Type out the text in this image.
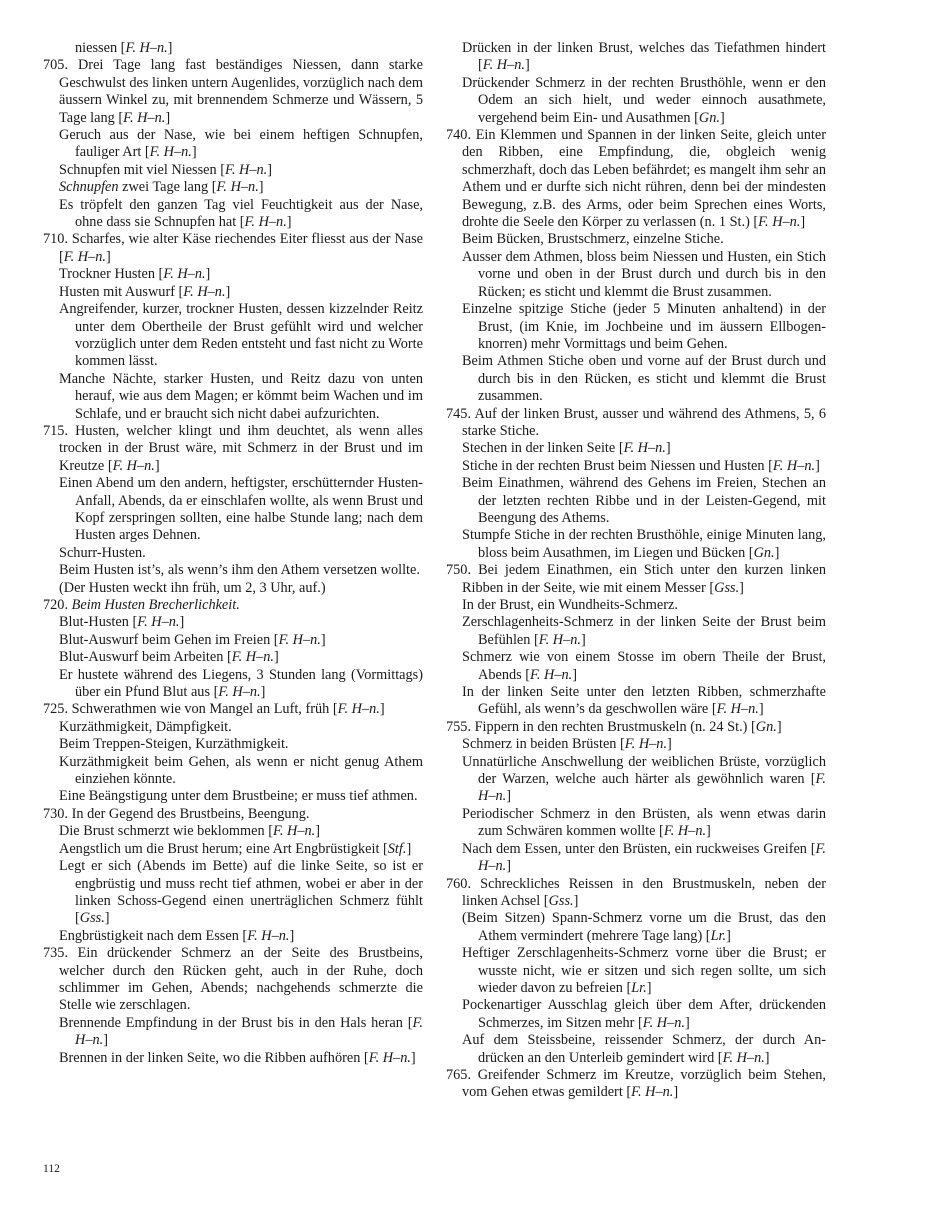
niessen [F. H–n.]

705. Drei Tage lang fast beständiges Niessen, dann starke Geschwulst des linken untern Augenlides, vorzüglich nach dem äussern Winkel zu, mit brennendem Schmerze und Wässern, 5 Tage lang [F. H–n.]

Geruch aus der Nase, wie bei einem heftigen Schnupfen, fauliger Art [F. H–n.]

Schnupfen mit viel Niessen [F. H–n.]

Schnupfen zwei Tage lang [F. H–n.]

Es tröpfelt den ganzen Tag viel Feuchtigkeit aus der Nase, ohne dass sie Schnupfen hat [F. H–n.]

710. Scharfes, wie alter Käse riechendes Eiter fliesst aus der Nase [F. H–n.]

Trockner Husten [F. H–n.]

Husten mit Auswurf [F. H–n.]

Angreifender, kurzer, trockner Husten, dessen kizzelnder Reitz unter dem Obertheile der Brust gefühlt wird und welcher vorzüglich unter dem Reden entsteht und fast nicht zu Worte kommen lässt.

Manche Nächte, starker Husten, und Reitz dazu von unten herauf, wie aus dem Magen; er kömmt beim Wachen und im Schlafe, und er braucht sich nicht dabei aufzurichten.

715. Husten, welcher klingt und ihm deuchtet, als wenn alles trocken in der Brust wäre, mit Schmerz in der Brust und im Kreutze [F. H–n.]

Einen Abend um den andern, heftigster, erschütternder Husten-Anfall, Abends, da er einschlafen wollte, als wenn Brust und Kopf zerspringen sollten, eine halbe Stunde lang; nach dem Husten arges Dehnen.

Schurr-Husten.

Beim Husten ist’s, als wenn’s ihm den Athem versetzen wollte.

(Der Husten weckt ihn früh, um 2, 3 Uhr, auf.)

720. Beim Husten Brecherlichkeit.

Blut-Husten [F. H–n.]

Blut-Auswurf beim Gehen im Freien [F. H–n.]

Blut-Auswurf beim Arbeiten [F. H–n.]

Er hustete während des Liegens, 3 Stunden lang (Vormittags) über ein Pfund Blut aus [F. H–n.]

725. Schwerathmen wie von Mangel an Luft, früh [F. H–n.]

Kurzäthmigkeit, Dämpfigkeit.

Beim Treppen-Steigen, Kurzäthmigkeit.

Kurzäthmigkeit beim Gehen, als wenn er nicht genug Athem einziehen könnte.

Eine Beängstigung unter dem Brustbeine; er muss tief athmen.

730. In der Gegend des Brustbeins, Beengung.

Die Brust schmerzt wie beklommen [F. H–n.]

Aengstlich um die Brust herum; eine Art Engbrüstigkeit [Stf.]

Legt er sich (Abends im Bette) auf die linke Seite, so ist er engbrüstig und muss recht tief athmen, wobei er aber in der linken Schoss-Gegend einen unerträglichen Schmerz fühlt [Gss.]

Engbrüstigkeit nach dem Essen [F. H–n.]

735. Ein drückender Schmerz an der Seite des Brustbeins, welcher durch den Rücken geht, auch in der Ruhe, doch schlimmer im Gehen, Abends; nachgehends schmerzte die Stelle wie zerschlagen.

Brennende Empfindung in der Brust bis in den Hals heran [F. H–n.]

Brennen in der linken Seite, wo die Ribben aufhören [F. H–n.]

Drücken in der linken Brust, welches das Tiefathmen hindert [F. H–n.]

Drückender Schmerz in der rechten Brusthöhle, wenn er den Odem an sich hielt, und weder einnoch ausathmete, vergehend beim Ein- und Ausathmen [Gn.]

740. Ein Klemmen und Spannen in der linken Seite, gleich unter den Ribben, eine Empfindung, die, obgleich wenig schmerzhaft, doch das Leben befährdet; es mangelt ihm sehr an Athem und er durfte sich nicht rühren, denn bei der mindesten Bewegung, z.B. des Arms, oder beim Sprechen eines Worts, drohte die Seele den Körper zu verlassen (n. 1 St.) [F. H–n.]

Beim Bücken, Brustschmerz, einzelne Stiche.

Ausser dem Athmen, bloss beim Niessen und Husten, ein Stich vorne und oben in der Brust durch und durch bis in den Rücken; es sticht und klemmt die Brust zusammen.

Einzelne spitzige Stiche (jeder 5 Minuten anhaltend) in der Brust, (im Knie, im Jochbeine und im äussern Ellbogenknorren) mehr Vormittags und beim Gehen.

Beim Athmen Stiche oben und vorne auf der Brust durch und durch bis in den Rücken, es sticht und klemmt die Brust zusammen.

745. Auf der linken Brust, ausser und während des Athmens, 5, 6 starke Stiche.

Stechen in der linken Seite [F. H–n.]

Stiche in der rechten Brust beim Niessen und Husten [F. H–n.]

Beim Einathmen, während des Gehens im Freien, Stechen an der letzten rechten Ribbe und in der Leisten-Gegend, mit Beengung des Athems.

Stumpfe Stiche in der rechten Brusthöhle, einige Minuten lang, bloss beim Ausathmen, im Liegen und Bücken [Gn.]

750. Bei jedem Einathmen, ein Stich unter den kurzen linken Ribben in der Seite, wie mit einem Messer [Gss.]

In der Brust, ein Wundheits-Schmerz.

Zerschlagenheits-Schmerz in der linken Seite der Brust beim Befühlen [F. H–n.]

Schmerz wie von einem Stosse im obern Theile der Brust, Abends [F. H–n.]

In der linken Seite unter den letzten Ribben, schmerzhafte Gefühl, als wenn’s da geschwollen wäre [F. H–n.]

755. Fippern in den rechten Brustmuskeln (n. 24 St.) [Gn.]

Schmerz in beiden Brüsten [F. H–n.]

Unnatürliche Anschwellung der weiblichen Brüste, vorzüglich der Warzen, welche auch härter als gewöhnlich waren [F. H–n.]

Periodischer Schmerz in den Brüsten, als wenn etwas darin zum Schwären kommen wollte [F. H–n.]

Nach dem Essen, unter den Brüsten, ein ruckweises Greifen [F. H–n.]

760. Schreckliches Reissen in den Brustmuskeln, neben der linken Achsel [Gss.]

(Beim Sitzen) Spann-Schmerz vorne um die Brust, das den Athem vermindert (mehrere Tage lang) [Lr.]

Heftiger Zerschlagenheits-Schmerz vorne über die Brust; er wusste nicht, wie er sitzen und sich regen sollte, um sich wieder davon zu befreien [Lr.]

Pockenartiger Ausschlag gleich über dem After, drückenden Schmerzes, im Sitzen mehr [F. H–n.]

Auf dem Steissbeine, reissender Schmerz, der durch Andrücken an den Unterleib gemindert wird [F. H–n.]

765. Greifender Schmerz im Kreutze, vorzüglich beim Stehen, vom Gehen etwas gemildert [F. H–n.]

112
